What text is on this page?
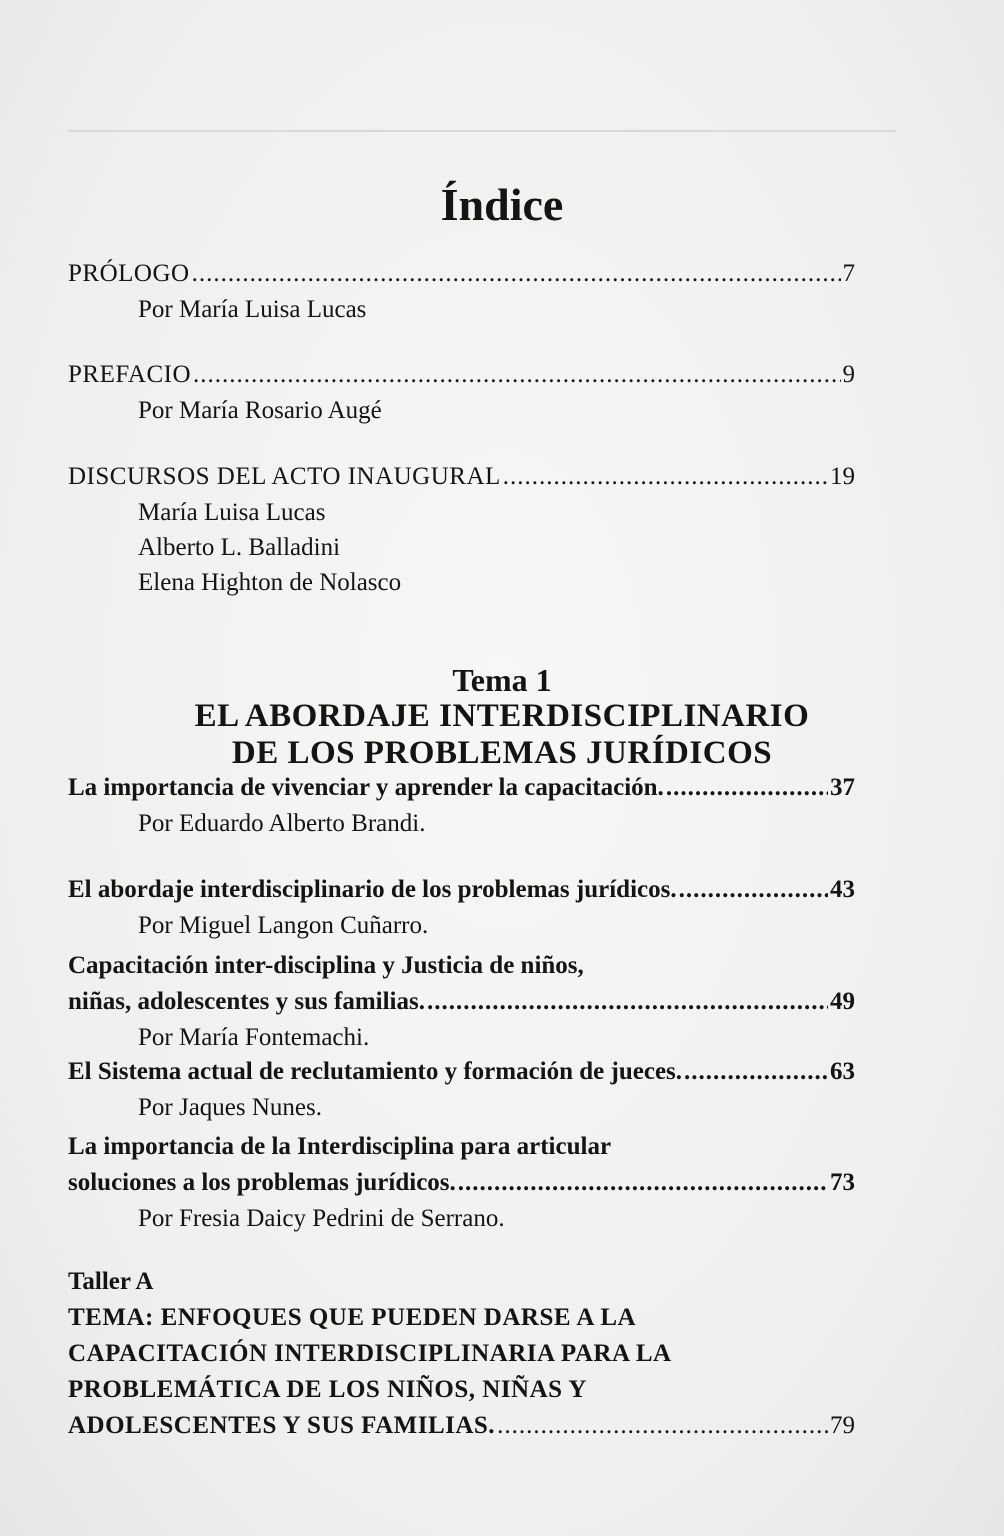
Índice
PRÓLOGO .....	7
Por María Luisa Lucas
PREFACIO .....	9
Por María Rosario Augé
DISCURSOS DEL ACTO INAUGURAL .....	19
María Luisa Lucas
Alberto L. Balladini
Elena Highton de Nolasco
Tema 1
EL ABORDAJE INTERDISCIPLINARIO
DE LOS PROBLEMAS JURÍDICOS
La importancia de vivenciar y aprender la capacitación. .....	37
Por Eduardo Alberto Brandi.
El abordaje interdisciplinario de los problemas jurídicos. .....	43
Por Miguel Langon Cuñarro.
Capacitación inter-disciplina y Justicia de niños,
niñas, adolescentes y sus familias. .....	49
Por María Fontemachi.
El Sistema actual de reclutamiento y formación de jueces. .....	63
Por Jaques Nunes.
La importancia de la Interdisciplina para articular
soluciones a los problemas jurídicos. .....	73
Por Fresia Daicy Pedrini de Serrano.
Taller A
TEMA: ENFOQUES QUE PUEDEN DARSE A LA
CAPACITACIÓN INTERDISCIPLINARIA PARA LA
PROBLEMÁTICA DE LOS NIÑOS, NIÑAS Y
ADOLESCENTES Y SUS FAMILIAS. .....	79
